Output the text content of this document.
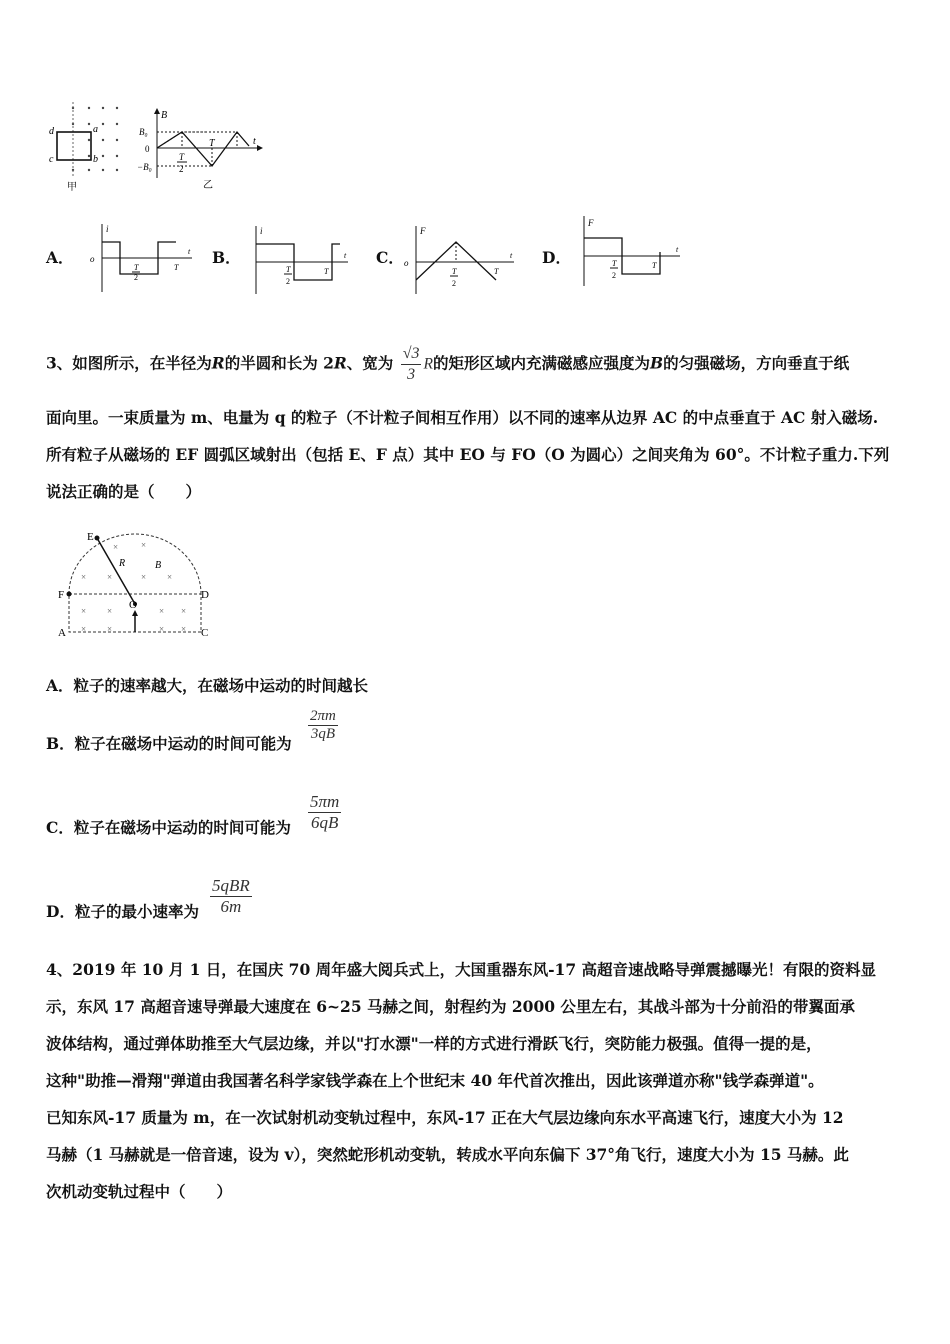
d	a
c	b
甲
B
B₀
0
−B₀
T
2
T	t
乙
A．
i
o
T
2
T
t B．
i
T
2
T
t C．
F
o
T
2
T
t D．
F
T
2
T
t
3、如图所示，在半径为R的半圆和长为 2R、宽为 $\frac{√3}{3}$ R的矩形区域内充满磁感应强度为B的匀强磁场，方向垂直于纸
面向里。一束质量为 m、电量为 q 的粒子（不计粒子间相互作用）以不同的速率从边界 AC 的中点垂直于 AC 射入磁场.
所有粒子从磁场的 EF 圆弧区域射出（包括 E、F 点）其中 EO 与 FO（O 为圆心）之间夹角为 60°。不计粒子重力.下列
说法正确的是（　　）
×	×
× ×	× ×
× ×	× ×
× ×	× ×
E
F
O
D
A	C
R	B
A．粒子的速率越大，在磁场中运动的时间越长
B．粒子在磁场中运动的时间可能为
$\frac{2\pi m}{3qB}$
C．粒子在磁场中运动的时间可能为 $\frac{5\pi m}{6qB}$
D．粒子的最小速率为 $\frac{\text{5qBR}}{6m}$
4、2019 年 10 月 1 日，在国庆 70 周年盛大阅兵式上，大国重器东风-17 高超音速战略导弹震撼曝光！有限的资料显
示，东风 17 高超音速导弹最大速度在 6~25 马赫之间，射程约为 2000 公里左右，其战斗部为十分前沿的带翼面承
波体结构，通过弹体助推至大气层边缘，并以"打水漂"一样的方式进行滑跃飞行，突防能力极强。值得一提的是，
这种"助推—滑翔"弹道由我国著名科学家钱学森在上个世纪末 40 年代首次推出，因此该弹道亦称"钱学森弹道"。
已知东风-17 质量为 m，在一次试射机动变轨过程中，东风-17 正在大气层边缘向东水平高速飞行，速度大小为 12
马赫（1 马赫就是一倍音速，设为 v），突然蛇形机动变轨，转成水平向东偏下 37°角飞行，速度大小为 15 马赫。此
次机动变轨过程中（　　）
